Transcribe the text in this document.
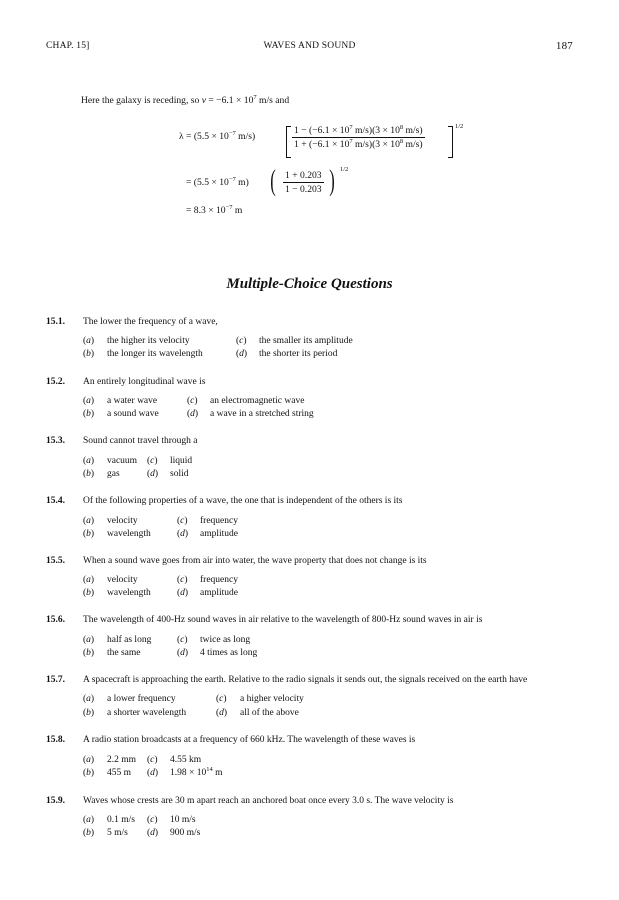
CHAP. 15]	WAVES AND SOUND	187
Here the galaxy is receding, so $v = -6.1 \times 10^7$ m/s and
$\lambda = (5.5 \times 10^{-7}$ m/s)	$\frac{1 - (-6.1 \times 10^7 m/s)(3 \times 10^8 m/s)}{1 + (-6.1 \times 10^7 m/s)(3 \times 10^8 m/s)}$	1/2
= ($5.5 \times 10^{-7}$ m) ( $\frac{1 + 0.203}{1 - 0.203}$ ) 1/2
= $8.3 \times 10^{-7}$ m
Multiple-Choice Questions
15.1. The lower the frequency of a wave,
(a) the higher its velocity
(b) the longer its wavelength
(c) the smaller its amplitude
(d) the shorter its period
15.2. An entirely longitudinal wave is
(a) a water wave
(b) a sound wave
(c) an electromagnetic wave
(d) a wave in a stretched string
15.3. Sound cannot travel through a
(a) vacuum
(b) gas
(c) liquid
(d) solid
15.4. Of the following properties of a wave, the one that is independent of the others is its
(a) velocity
(b) wavelength
(c) frequency
(d) amplitude
15.5. When a sound wave goes from air into water, the wave property that does not change is its
(a) velocity
(b) wavelength
(c) frequency
(d) amplitude
15.6. The wavelength of 400-Hz sound waves in air relative to the wavelength of 800-Hz sound waves in air is
(a) half as long
(b) the same
(c) twice as long
(d) 4 times as long
15.7. A spacecraft is approaching the earth. Relative to the radio signals it sends out, the signals received on the earth have
(a) a lower frequency
(b) a shorter wavelength
(c) a higher velocity
(d) all of the above
15.8. A radio station broadcasts at a frequency of 660 kHz. The wavelength of these waves is
(a) 2.2 mm
(b) 455 m
(c) 4.55 km
(d) $1.98 \times 10^{14}$ m
15.9. Waves whose crests are 30 m apart reach an anchored boat once every 3.0 s. The wave velocity is
(a) 0.1 m/s
(b) 5 m/s
(c) 10 m/s
(d) 900 m/s
